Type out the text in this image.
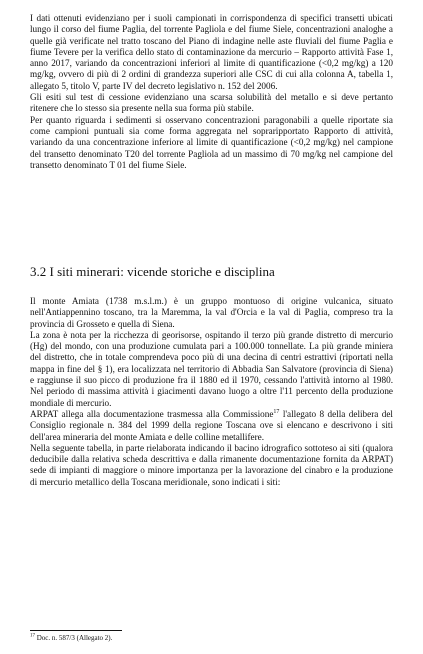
I dati ottenuti evidenziano per i suoli campionati in corrispondenza di specifici transetti ubicati lungo il corso del fiume Paglia, del torrente Pagliola e del fiume Siele, concentrazioni analoghe a quelle già verificate nel tratto toscano del Piano di indagine nelle aste fluviali del fiume Paglia e fiume Tevere per la verifica dello stato di contaminazione da mercurio – Rapporto attività Fase 1, anno 2017, variando da concentrazioni inferiori al limite di quantificazione (<0,2 mg/kg) a 120 mg/kg, ovvero di più di 2 ordini di grandezza superiori alle CSC di cui alla colonna A, tabella 1, allegato 5, titolo V, parte IV del decreto legislativo n. 152 del 2006.

Gli esiti sul test di cessione evidenziano una scarsa solubilità del metallo e si deve pertanto ritenere che lo stesso sia presente nella sua forma più stabile.

Per quanto riguarda i sedimenti si osservano concentrazioni paragonabili a quelle riportate sia come campioni puntuali sia come forma aggregata nel sopraripportato Rapporto di attività, variando da una concentrazione inferiore al limite di quantificazione (<0,2 mg/kg) nel campione del transetto denominato T20 del torrente Pagliola ad un massimo di 70 mg/kg nel campione del transetto denominato T 01 del fiume Siele.

3.2 I siti minerari: vicende storiche e disciplina

Il monte Amiata (1738 m.s.l.m.) è un gruppo montuoso di origine vulcanica, situato nell'Antiappennino toscano, tra la Maremma, la val d'Orcia e la val di Paglia, compreso tra la provincia di Grosseto e quella di Siena.

La zona è nota per la ricchezza di georisorse, ospitando il terzo più grande distretto di mercurio (Hg) del mondo, con una produzione cumulata pari a 100.000 tonnellate. La più grande miniera del distretto, che in totale comprendeva poco più di una decina di centri estrattivi (riportati nella mappa in fine del § 1), era localizzata nel territorio di Abbadia San Salvatore (provincia di Siena) e raggiunse il suo picco di produzione fra il 1880 ed il 1970, cessando l'attività intorno al 1980. Nel periodo di massima attività i giacimenti davano luogo a oltre l'11 percento della produzione mondiale di mercurio.

ARPAT allega alla documentazione trasmessa alla Commissione$^{17}$ l'allegato 8 della delibera del Consiglio regionale n. 384 del 1999 della regione Toscana ove si elencano e descrivono i siti dell'area mineraria del monte Amiata e delle colline metallifere.

Nella seguente tabella, in parte rielaborata indicando il bacino idrografico sottoteso ai siti (qualora deducibile dalla relativa scheda descrittiva e dalla rimanente documentazione fornita da ARPAT) sede di impianti di maggiore o minore importanza per la lavorazione del cinabro e la produzione di mercurio metallico della Toscana meridionale, sono indicati i siti:

$^{17}$ Doc. n. 587/3 (Allegato 2).
